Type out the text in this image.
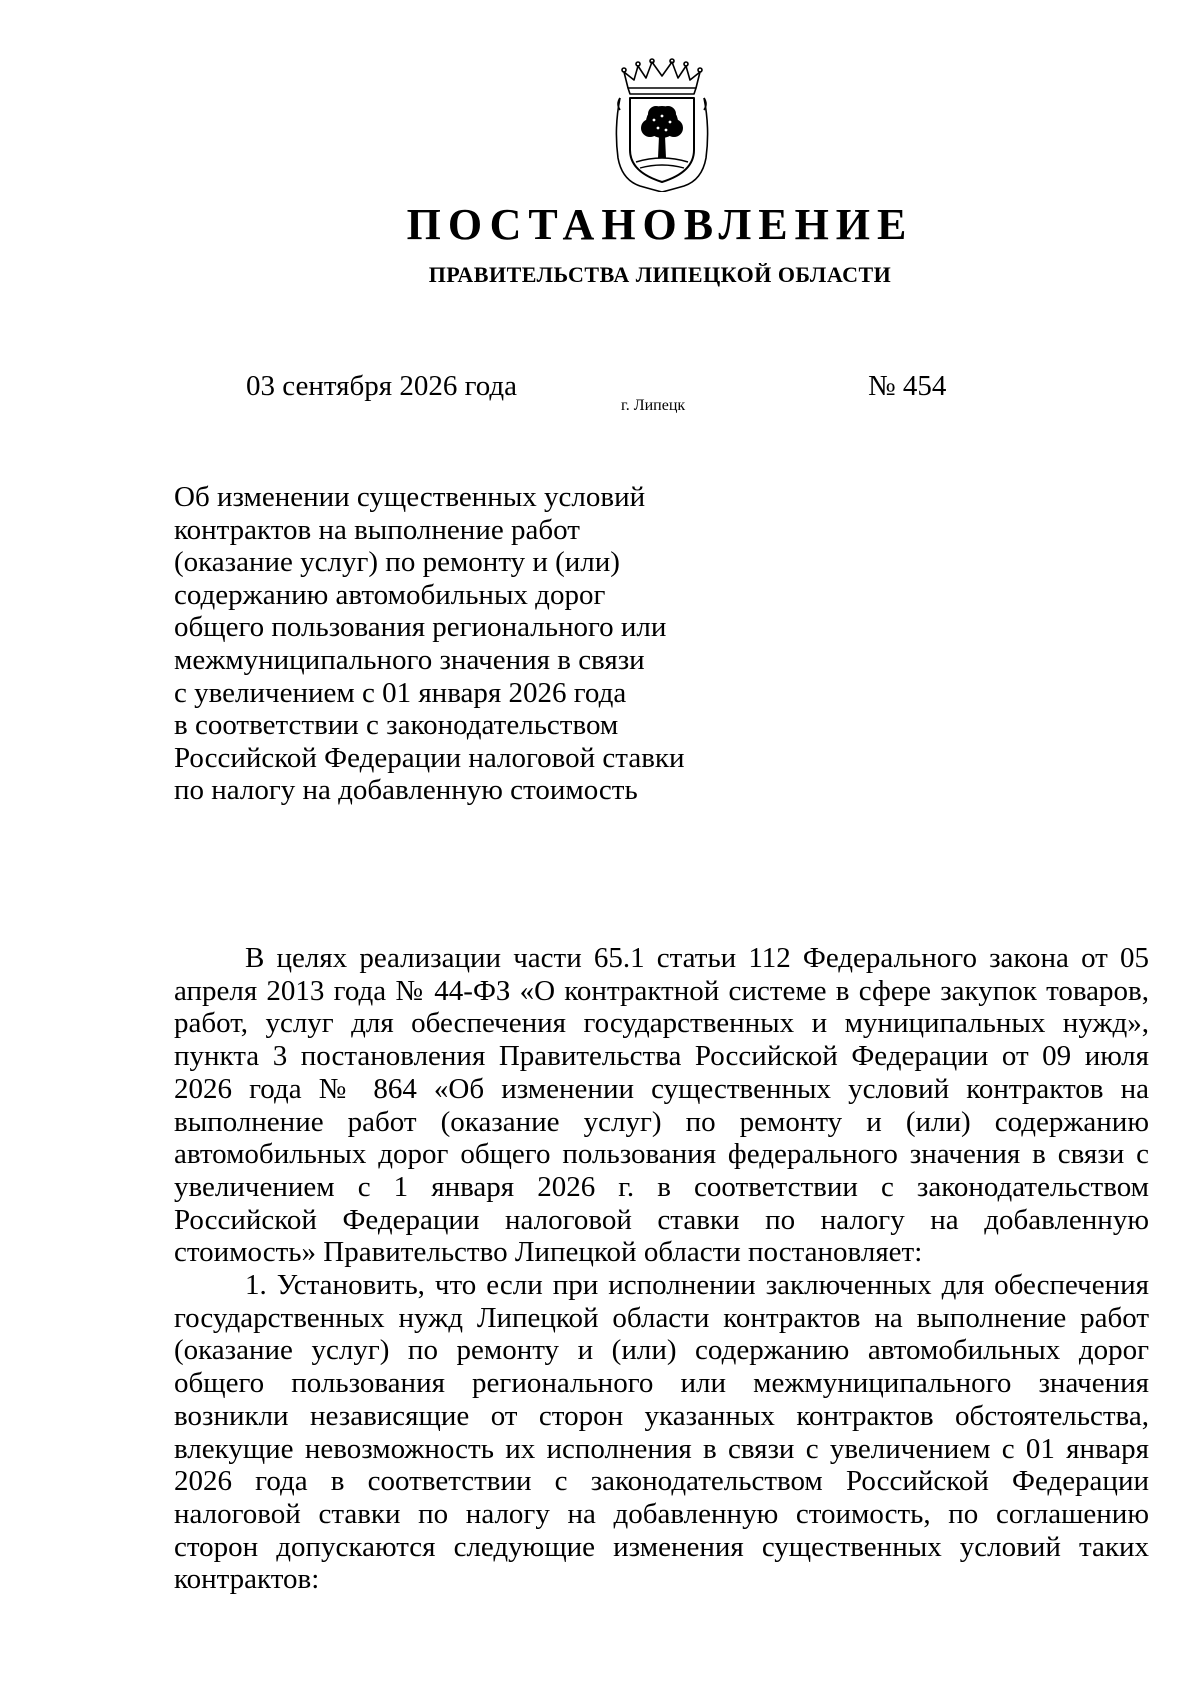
ПОСТАНОВЛЕНИЕ
ПРАВИТЕЛЬСТВА ЛИПЕЦКОЙ ОБЛАСТИ
03 сентября 2026 года
г. Липецк
№ 454
Об изменении существенных условий
контрактов на выполнение работ
(оказание услуг) по ремонту и (или)
содержанию автомобильных дорог
общего пользования регионального или
межмуниципального значения в связи
с увеличением с 01 января 2026 года
в соответствии с законодательством
Российской Федерации налоговой ставки
по налогу на добавленную стоимость

В целях реализации части 65.1 статьи 112 Федерального закона от 05 апреля 2013 года № 44-ФЗ «О контрактной системе в сфере закупок товаров, работ, услуг для обеспечения государственных и муниципальных нужд», пункта 3 постановления Правительства Российской Федерации от 09 июля 2026 года № 864 «Об изменении существенных условий контрактов на выполнение работ (оказание услуг) по ремонту и (или) содержанию автомобильных дорог общего пользования федерального значения в связи с увеличением с 1 января 2026 г. в соответствии с законодательством Российской Федерации налоговой ставки по налогу на добавленную стоимость» Правительство Липецкой области постановляет:

1. Установить, что если при исполнении заключенных для обеспечения государственных нужд Липецкой области контрактов на выполнение работ (оказание услуг) по ремонту и (или) содержанию автомобильных дорог общего пользования регионального или межмуниципального значения возникли независящие от сторон указанных контрактов обстоятельства, влекущие невозможность их исполнения в связи с увеличением с 01 января 2026 года в соответствии с законодательством Российской Федерации налоговой ставки по налогу на добавленную стоимость, по соглашению сторон допускаются следующие изменения существенных условий таких контрактов:
